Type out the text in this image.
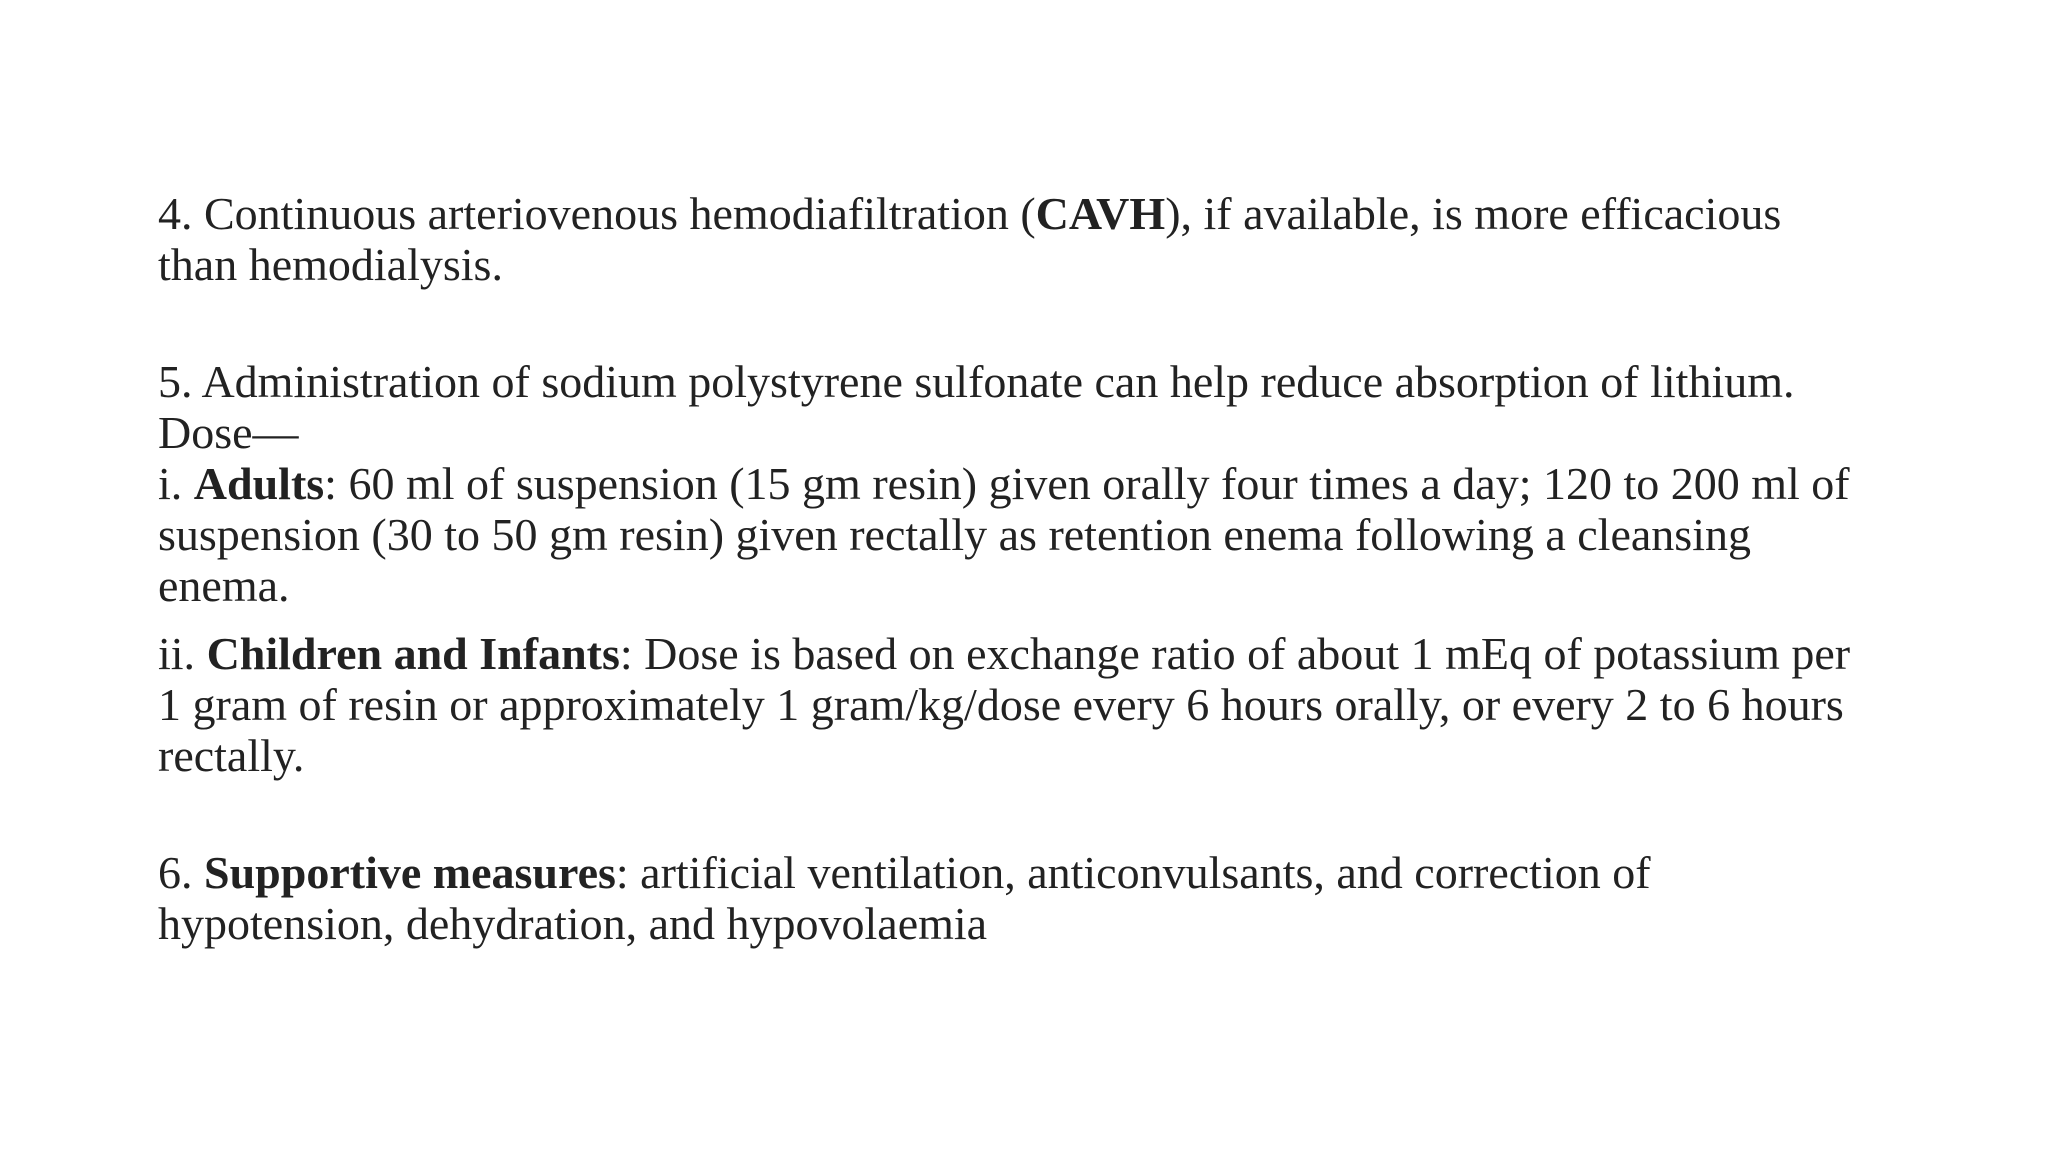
4. Continuous arteriovenous hemodiafiltration (CAVH), if available, is more efficacious
than hemodialysis.
5. Administration of sodium polystyrene sulfonate can help reduce absorption of lithium.
Dose—
i. Adults: 60 ml of suspension (15 gm resin) given orally four times a day; 120 to 200 ml of
suspension (30 to 50 gm resin) given rectally as retention enema following a cleansing
enema.
ii. Children and Infants: Dose is based on exchange ratio of about 1 mEq of potassium per
1 gram of resin or approximately 1 gram/kg/dose every 6 hours orally, or every 2 to 6 hours
rectally.
6. Supportive measures: artificial ventilation, anticonvulsants, and correction of
hypotension, dehydration, and hypovolaemia
